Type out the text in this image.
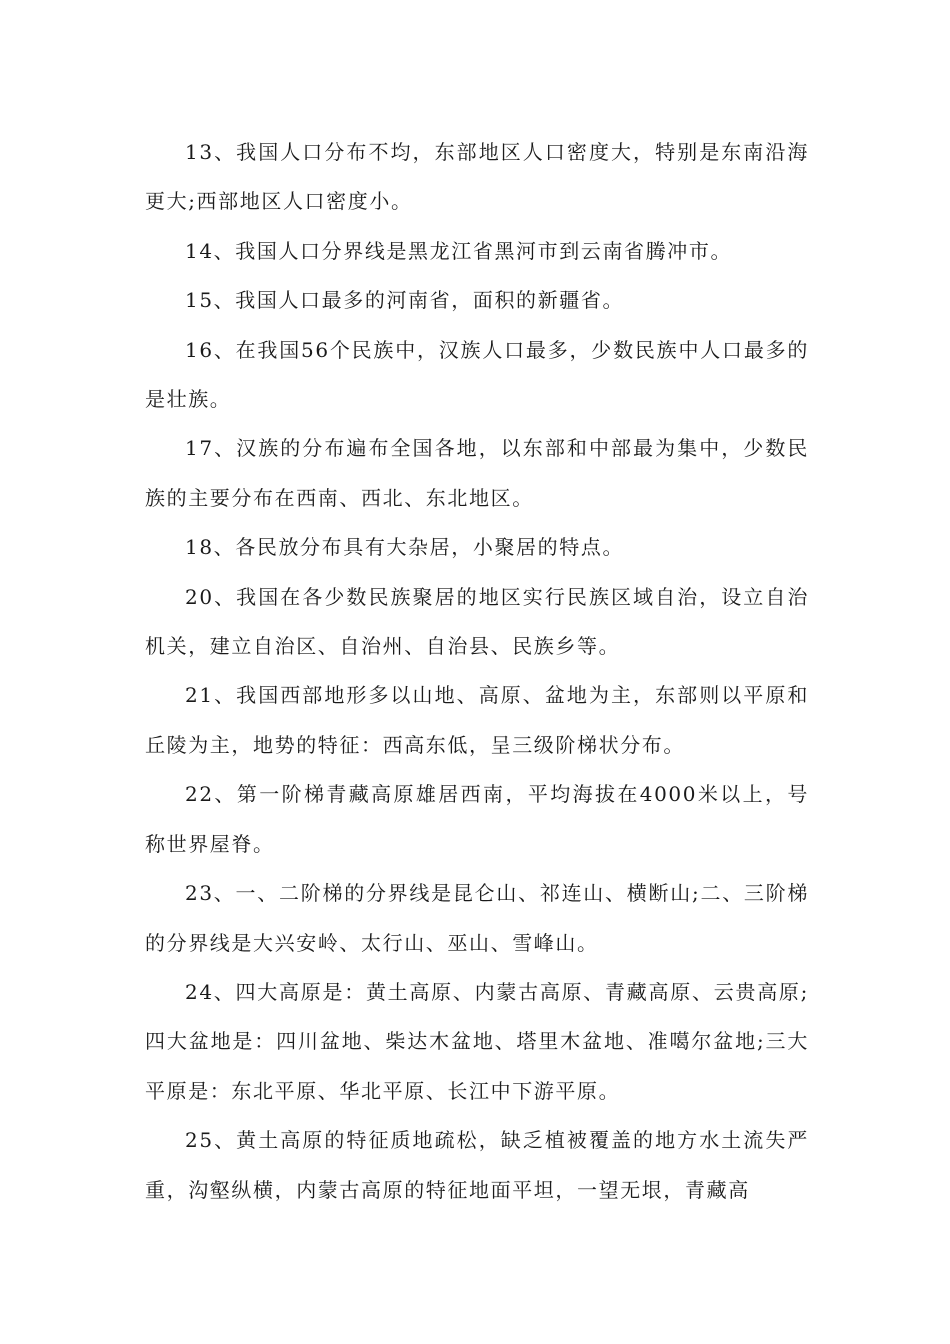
13、我国人口分布不均，东部地区人口密度大，特别是东南沿海更大;西部地区人口密度小。

14、我国人口分界线是黑龙江省黑河市到云南省腾冲市。

15、我国人口最多的河南省，面积的新疆省。

16、在我国56个民族中，汉族人口最多，少数民族中人口最多的是壮族。

17、汉族的分布遍布全国各地，以东部和中部最为集中，少数民族的主要分布在西南、西北、东北地区。

18、各民放分布具有大杂居，小聚居的特点。

20、我国在各少数民族聚居的地区实行民族区域自治，设立自治机关，建立自治区、自治州、自治县、民族乡等。

21、我国西部地形多以山地、高原、盆地为主，东部则以平原和丘陵为主，地势的特征：西高东低，呈三级阶梯状分布。

22、第一阶梯青藏高原雄居西南，平均海拔在4000米以上，号称世界屋脊。

23、一、二阶梯的分界线是昆仑山、祁连山、横断山;二、三阶梯的分界线是大兴安岭、太行山、巫山、雪峰山。

24、四大高原是：黄土高原、内蒙古高原、青藏高原、云贵高原;四大盆地是：四川盆地、柴达木盆地、塔里木盆地、准噶尔盆地;三大平原是：东北平原、华北平原、长江中下游平原。

25、黄土高原的特征质地疏松，缺乏植被覆盖的地方水土流失严重，沟壑纵横，内蒙古高原的特征地面平坦，一望无垠，青藏高
